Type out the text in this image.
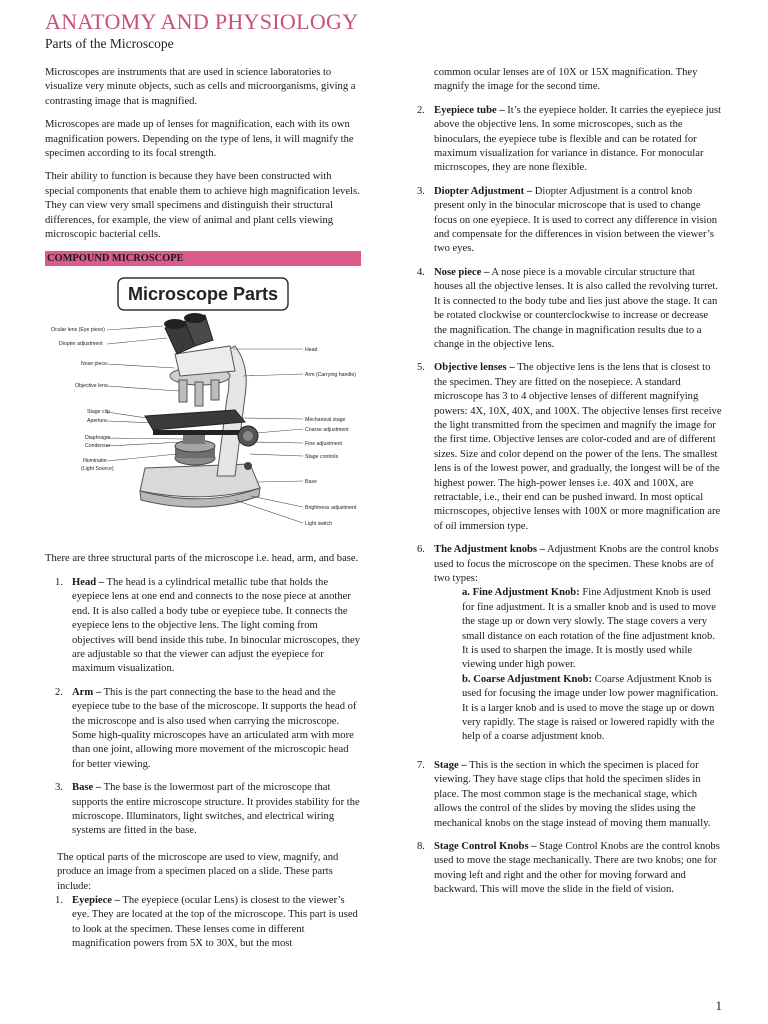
ANATOMY AND PHYSIOLOGY
Parts of the Microscope

Microscopes are instruments that are used in science laboratories to visualize very minute objects, such as cells and microorganisms, giving a contrasting image that is magnified.

Microscopes are made up of lenses for magnification, each with its own magnification powers. Depending on the type of lens, it will magnify the specimen according to its focal strength.

Their ability to function is because they have been constructed with special components that enable them to achieve high magnification levels. They can view very small specimens and distinguish their structural differences, for example, the view of animal and plant cells viewing microscopic bacterial cells.

COMPOUND MICROSCOPE
Microscope Parts
Ocular lens (Eye piece)
Diopter adjustment
Nose piece
Objective lens
Stage clip
Aperture
Diaphragm
Condenser
Illuminator
(Light Source)
Head
Arm (Carrying handle)
Mechanical stage
Coarse adjustment
Fine adjustment
Stage controls
Base
Brightness adjustment
Light switch

There are three structural parts of the microscope i.e. head, arm, and base.

1. Head – The head is a cylindrical metallic tube that holds the eyepiece lens at one end and connects to the nose piece at another end. It is also called a body tube or eyepiece tube. It connects the eyepiece lens to the objective lens. The light coming from objectives will bend inside this tube. In binocular microscopes, they are adjustable so that the viewer can adjust the eyepiece for maximum visualization.
2. Arm – This is the part connecting the base to the head and the eyepiece tube to the base of the microscope. It supports the head of the microscope and is also used when carrying the microscope. Some high-quality microscopes have an articulated arm with more than one joint, allowing more movement of the microscopic head for better viewing.
3. Base – The base is the lowermost part of the microscope that supports the entire microscope structure. It provides stability for the microscope. Illuminators, light switches, and electrical wiring systems are fitted in the base.

The optical parts of the microscope are used to view, magnify, and produce an image from a specimen placed on a slide. These parts include:

1. Eyepiece – The eyepiece (ocular Lens) is closest to the viewer’s eye. They are located at the top of the microscope. This part is used to look at the specimen. These lenses come in different magnification powers from 5X to 30X, but the most

common ocular lenses are of 10X or 15X magnification. They magnify the image for the second time.

2. Eyepiece tube – It’s the eyepiece holder. It carries the eyepiece just above the objective lens. In some microscopes, such as the binoculars, the eyepiece tube is flexible and can be rotated for maximum visualization for variance in distance. For monocular microscopes, they are none flexible.
3. Diopter Adjustment – Diopter Adjustment is a control knob present only in the binocular microscope that is used to change focus on one eyepiece. It is used to correct any difference in vision and compensate for the differences in vision between the viewer’s two eyes.
4. Nose piece – A nose piece is a movable circular structure that houses all the objective lenses. It is also called the revolving turret. It is connected to the body tube and lies just above the stage. It can be rotated clockwise or counterclockwise to increase or decrease the magnification. The change in magnification results due to a change in the objective lens.
5. Objective lenses – The objective lens is the lens that is closest to the specimen. They are fitted on the nosepiece. A standard microscope has 3 to 4 objective lenses of different magnifying powers: 4X, 10X, 40X, and 100X. The objective lenses first receive the light transmitted from the specimen and magnify the image for the first time. Objective lenses are color-coded and are of different sizes. Size and color depend on the power of the lens. The smallest lens is of the lowest power, and gradually, the longest will be of the highest power. The high-power lenses i.e. 40X and 100X, are retractable, i.e., their end can be pushed inward. In most optical microscopes, objective lenses with 100X or more magnification are of oil immersion type.
6. The Adjustment knobs – Adjustment Knobs are the control knobs used to focus the microscope on the specimen. These knobs are of two types:
a. Fine Adjustment Knob: Fine Adjustment Knob is used for fine adjustment. It is a smaller knob and is used to move the stage up or down very slowly. The stage covers a very small distance on each rotation of the fine adjustment knob. It is used to sharpen the image. It is mostly used while viewing under high power.
b. Coarse Adjustment Knob: Coarse Adjustment Knob is used for focusing the image under low power magnification. It is a larger knob and is used to move the stage up or down very rapidly. The stage is raised or lowered rapidly with the help of a coarse adjustment knob.
7. Stage – This is the section in which the specimen is placed for viewing. They have stage clips that hold the specimen slides in place. The most common stage is the mechanical stage, which allows the control of the slides by moving the slides using the mechanical knobs on the stage instead of moving them manually.
8. Stage Control Knobs – Stage Control Knobs are the control knobs used to move the stage mechanically. There are two knobs; one for moving left and right and the other for moving forward and backward. This will move the slide in the field of vision.
1
